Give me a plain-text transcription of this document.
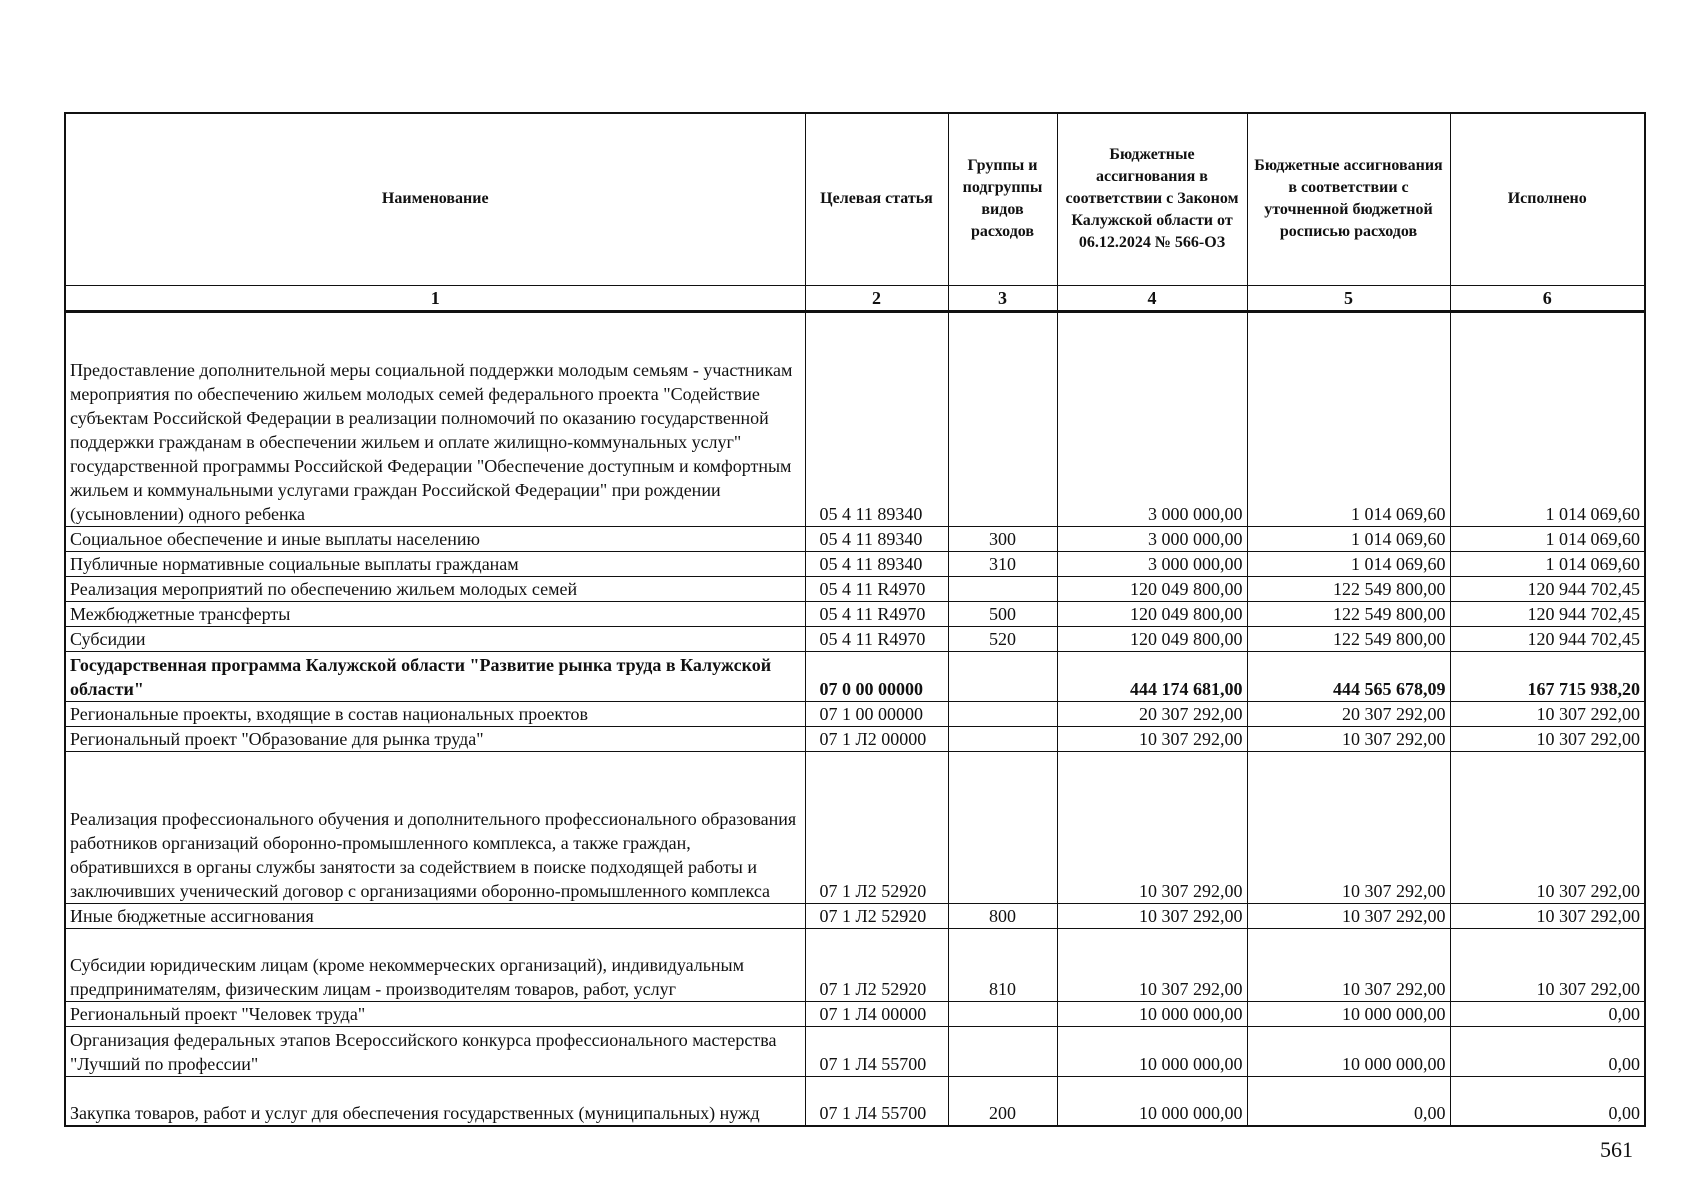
Наименование	Целевая статья	Группы и подгруппы видов расходов	Бюджетные ассигнования в соответствии с Законом Калужской области от 06.12.2024 № 566-ОЗ	Бюджетные ассигнования в соответствии с уточненной бюджетной росписью расходов	Исполнено
1	2	3	4	5	6
Предоставление дополнительной меры социальной поддержки молодым семьям - участникам мероприятия по обеспечению жильем молодых семей федерального проекта "Содействие субъектам Российской Федерации в реализации полномочий по оказанию государственной поддержки гражданам в обеспечении жильем и оплате жилищно-коммунальных услуг" государственной программы Российской Федерации "Обеспечение доступным и комфортным жильем и коммунальными услугами граждан Российской Федерации" при рождении (усыновлении) одного ребенка	05 4 11 89340		3 000 000,00	1 014 069,60	1 014 069,60
Социальное обеспечение и иные выплаты населению	05 4 11 89340	300	3 000 000,00	1 014 069,60	1 014 069,60
Публичные нормативные социальные выплаты гражданам	05 4 11 89340	310	3 000 000,00	1 014 069,60	1 014 069,60
Реализация мероприятий по обеспечению жильем молодых семей	05 4 11 R4970		120 049 800,00	122 549 800,00	120 944 702,45
Межбюджетные трансферты	05 4 11 R4970	500	120 049 800,00	122 549 800,00	120 944 702,45
Субсидии	05 4 11 R4970	520	120 049 800,00	122 549 800,00	120 944 702,45
Государственная программа Калужской области "Развитие рынка труда в Калужской области"	07 0 00 00000		444 174 681,00	444 565 678,09	167 715 938,20
Региональные проекты, входящие в состав национальных проектов	07 1 00 00000		20 307 292,00	20 307 292,00	10 307 292,00
Региональный проект "Образование для рынка труда"	07 1 Л2 00000		10 307 292,00	10 307 292,00	10 307 292,00
Реализация профессионального обучения и дополнительного профессионального образования работников организаций оборонно-промышленного комплекса, а также граждан, обратившихся в органы службы занятости за содействием в поиске подходящей работы и заключивших ученический договор с организациями оборонно-промышленного комплекса	07 1 Л2 52920		10 307 292,00	10 307 292,00	10 307 292,00
Иные бюджетные ассигнования	07 1 Л2 52920	800	10 307 292,00	10 307 292,00	10 307 292,00
Субсидии юридическим лицам (кроме некоммерческих организаций), индивидуальным предпринимателям, физическим лицам - производителям товаров, работ, услуг	07 1 Л2 52920	810	10 307 292,00	10 307 292,00	10 307 292,00
Региональный проект "Человек труда"	07 1 Л4 00000		10 000 000,00	10 000 000,00	0,00
Организация федеральных этапов Всероссийского конкурса профессионального мастерства "Лучший по профессии"	07 1 Л4 55700		10 000 000,00	10 000 000,00	0,00
Закупка товаров, работ и услуг для обеспечения государственных (муниципальных) нужд	07 1 Л4 55700	200	10 000 000,00	0,00	0,00
561
